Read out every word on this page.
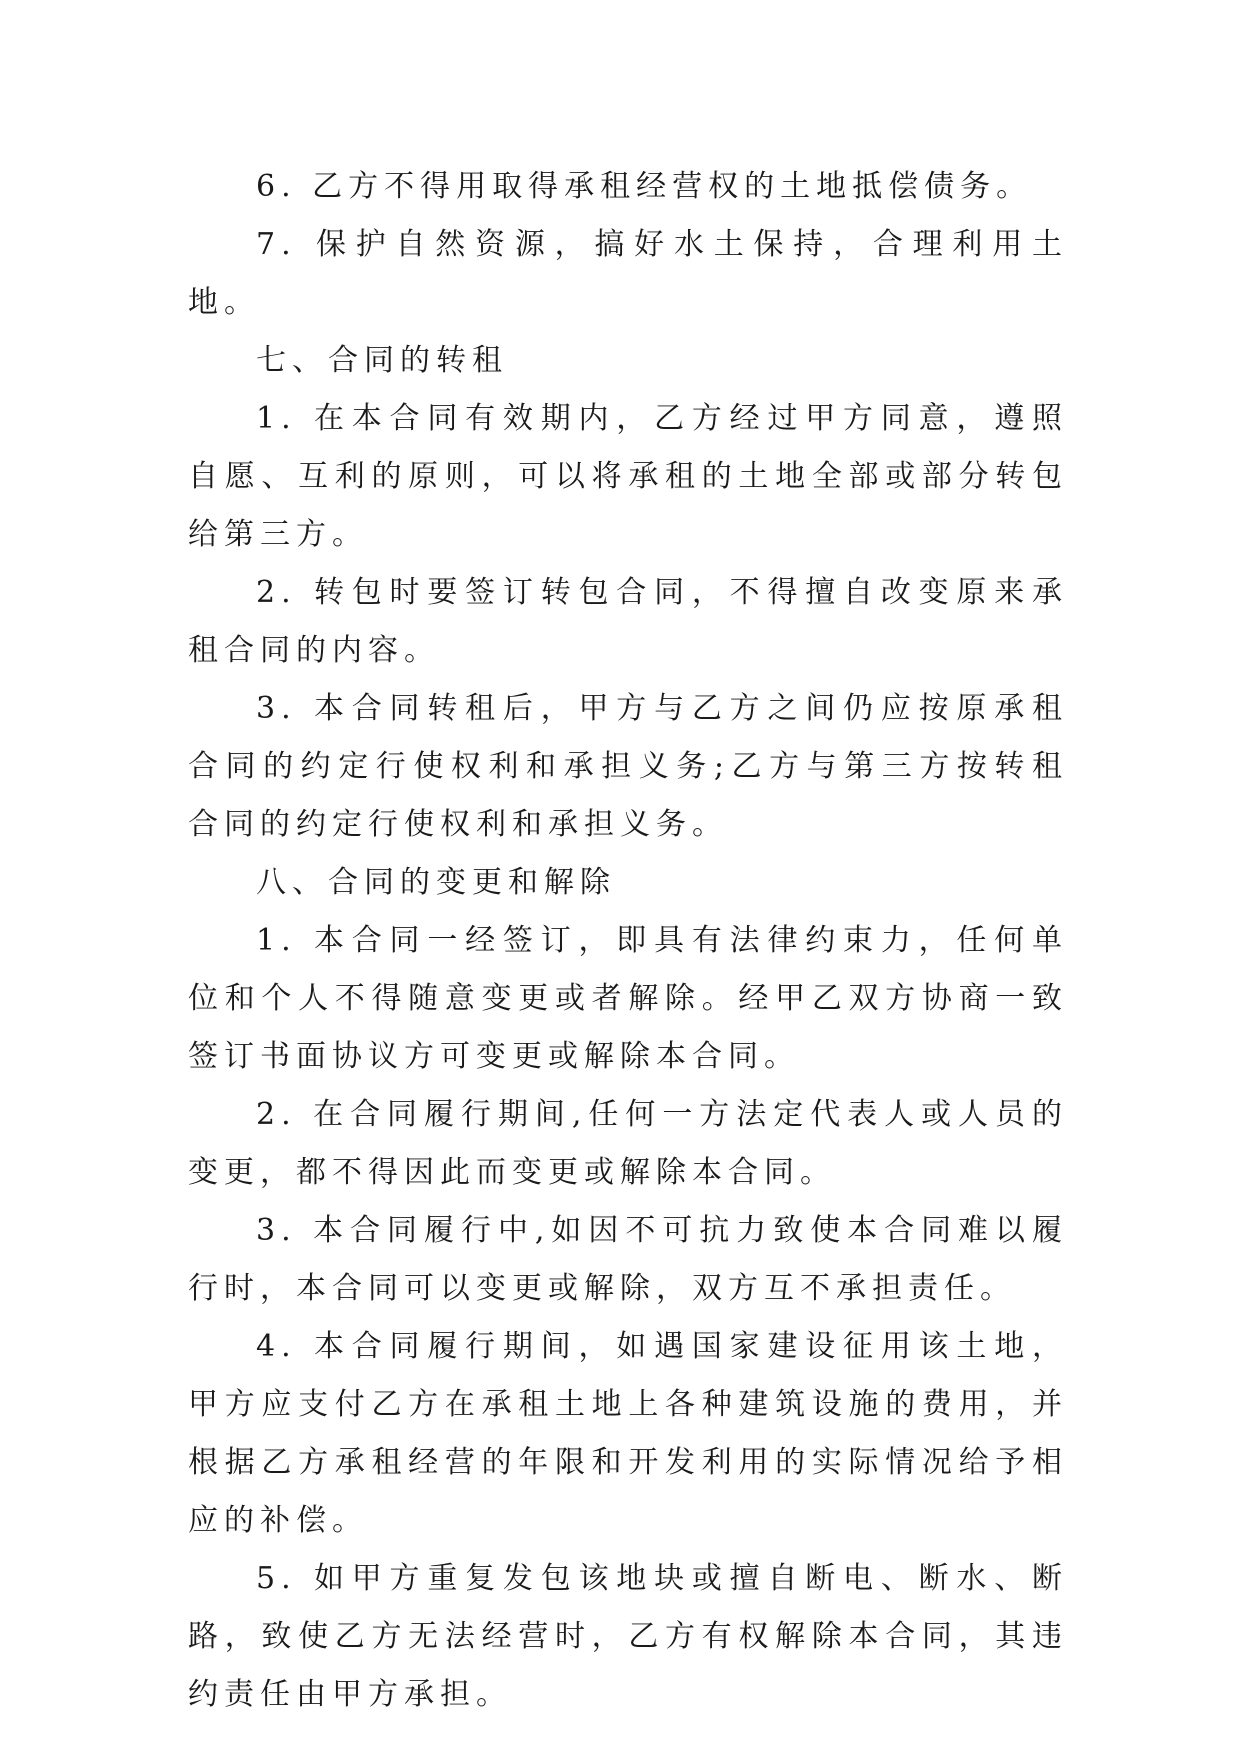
6. 乙方不得用取得承租经营权的土地抵偿债务。

7. 保护自然资源，搞好水土保持，合理利用土地。

七、合同的转租

1. 在本合同有效期内，乙方经过甲方同意，遵照自愿、互利的原则，可以将承租的土地全部或部分转包给第三方。

2. 转包时要签订转包合同，不得擅自改变原来承租合同的内容。

3. 本合同转租后，甲方与乙方之间仍应按原承租合同的约定行使权利和承担义务;乙方与第三方按转租合同的约定行使权利和承担义务。

八、合同的变更和解除

1. 本合同一经签订，即具有法律约束力，任何单位和个人不得随意变更或者解除。经甲乙双方协商一致签订书面协议方可变更或解除本合同。

2. 在合同履行期间,任何一方法定代表人或人员的变更，都不得因此而变更或解除本合同。

3. 本合同履行中,如因不可抗力致使本合同难以履行时，本合同可以变更或解除，双方互不承担责任。

4. 本合同履行期间，如遇国家建设征用该土地，甲方应支付乙方在承租土地上各种建筑设施的费用，并根据乙方承租经营的年限和开发利用的实际情况给予相应的补偿。

5. 如甲方重复发包该地块或擅自断电、断水、断路，致使乙方无法经营时，乙方有权解除本合同，其违约责任由甲方承担。
